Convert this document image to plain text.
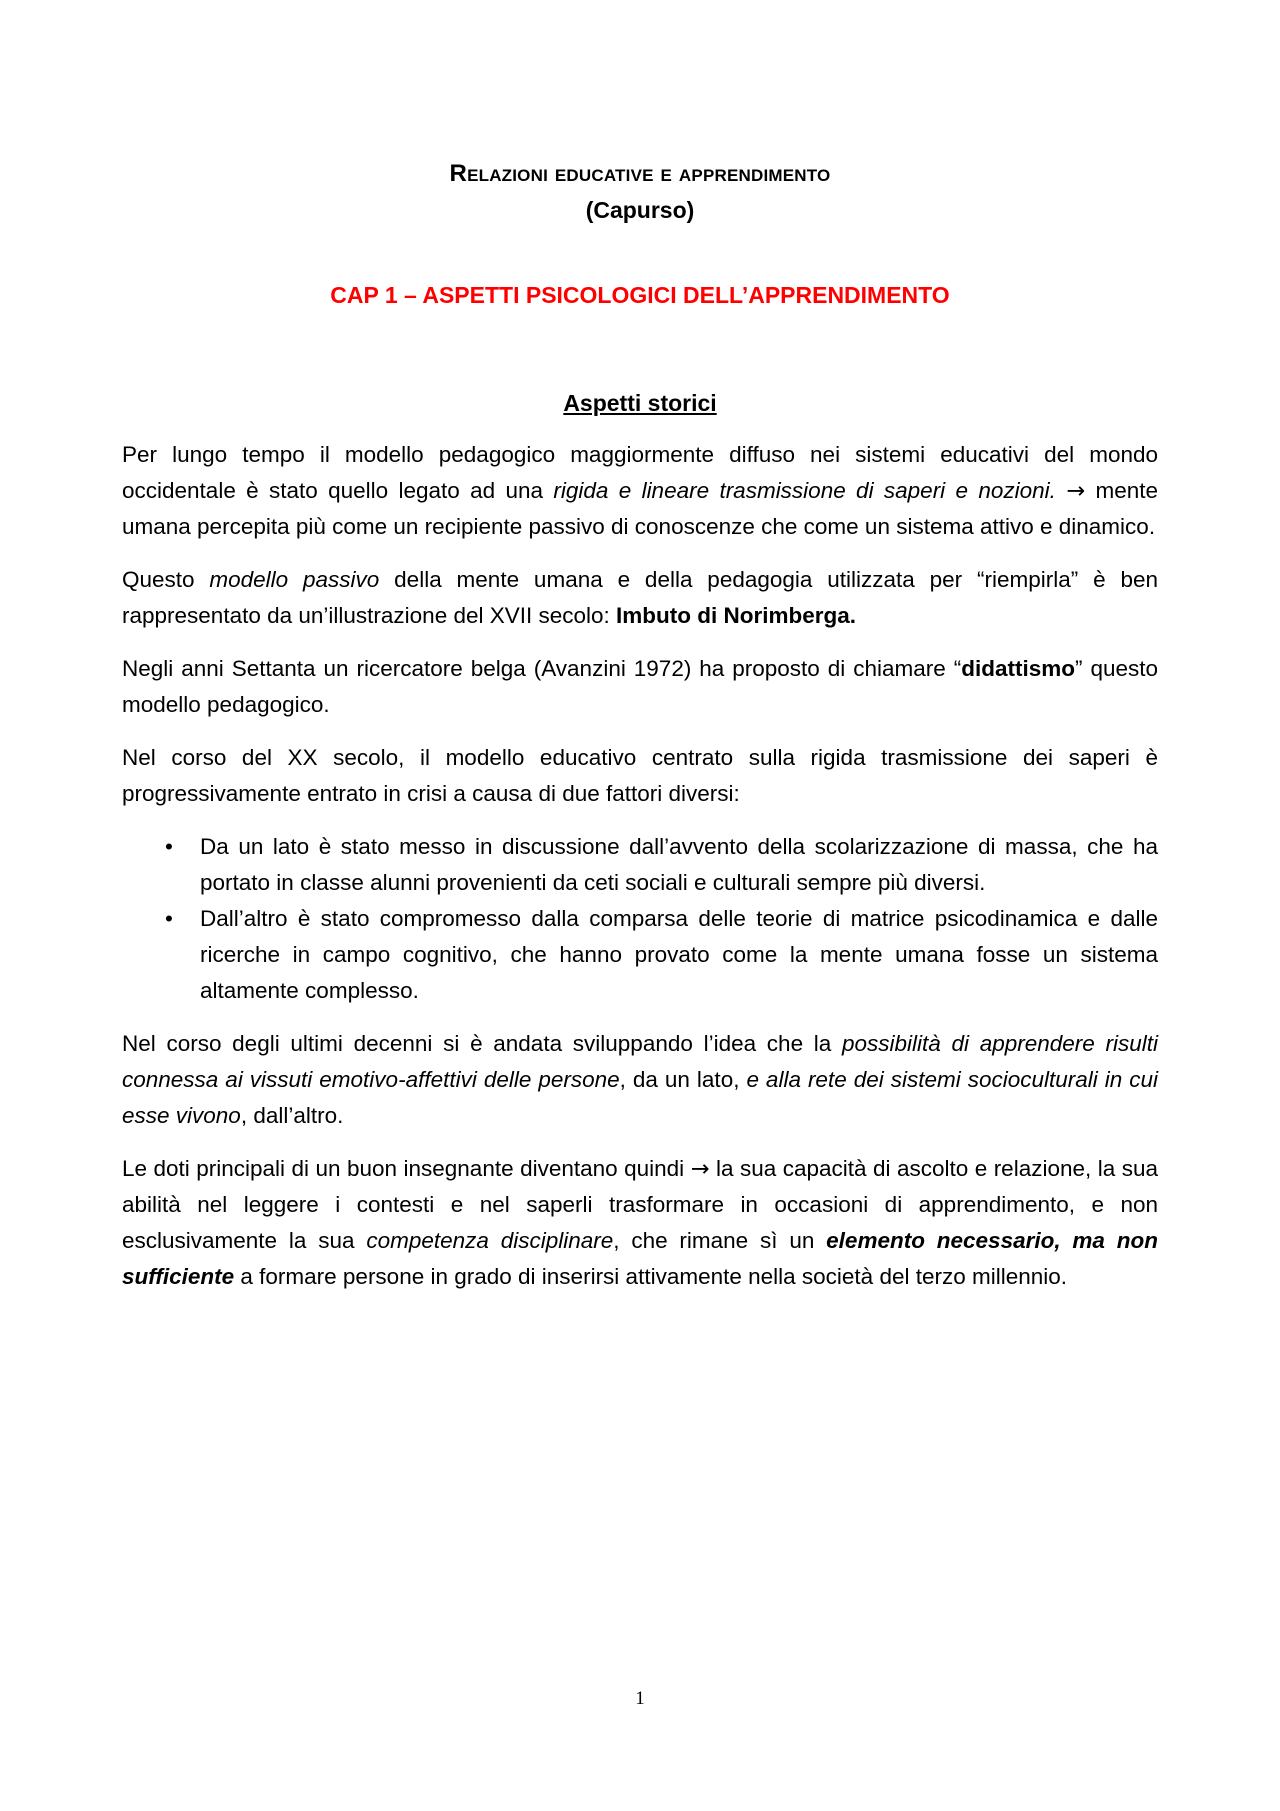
Relazioni educative e apprendimento
(Capurso)
CAP 1 – ASPETTI PSICOLOGICI DELL’APPRENDIMENTO
Aspetti storici

Per lungo tempo il modello pedagogico maggiormente diffuso nei sistemi educativi del mondo occidentale è stato quello legato ad una rigida e lineare trasmissione di saperi e nozioni. → mente umana percepita più come un recipiente passivo di conoscenze che come un sistema attivo e dinamico.

Questo modello passivo della mente umana e della pedagogia utilizzata per “riempirla” è ben rappresentato da un’illustrazione del XVII secolo: Imbuto di Norimberga.

Negli anni Settanta un ricercatore belga (Avanzini 1972) ha proposto di chiamare “didattismo” questo modello pedagogico.

Nel corso del XX secolo, il modello educativo centrato sulla rigida trasmissione dei saperi è progressivamente entrato in crisi a causa di due fattori diversi:

• Da un lato è stato messo in discussione dall’avvento della scolarizzazione di massa, che ha portato in classe alunni provenienti da ceti sociali e culturali sempre più diversi.
• Dall’altro è stato compromesso dalla comparsa delle teorie di matrice psicodinamica e dalle ricerche in campo cognitivo, che hanno provato come la mente umana fosse un sistema altamente complesso.

Nel corso degli ultimi decenni si è andata sviluppando l’idea che la possibilità di apprendere risulti connessa ai vissuti emotivo-affettivi delle persone, da un lato, e alla rete dei sistemi socioculturali in cui esse vivono, dall’altro.

Le doti principali di un buon insegnante diventano quindi → la sua capacità di ascolto e relazione, la sua abilità nel leggere i contesti e nel saperli trasformare in occasioni di apprendimento, e non esclusivamente la sua competenza disciplinare, che rimane sì un elemento necessario, ma non sufficiente a formare persone in grado di inserirsi attivamente nella società del terzo millennio.

1
